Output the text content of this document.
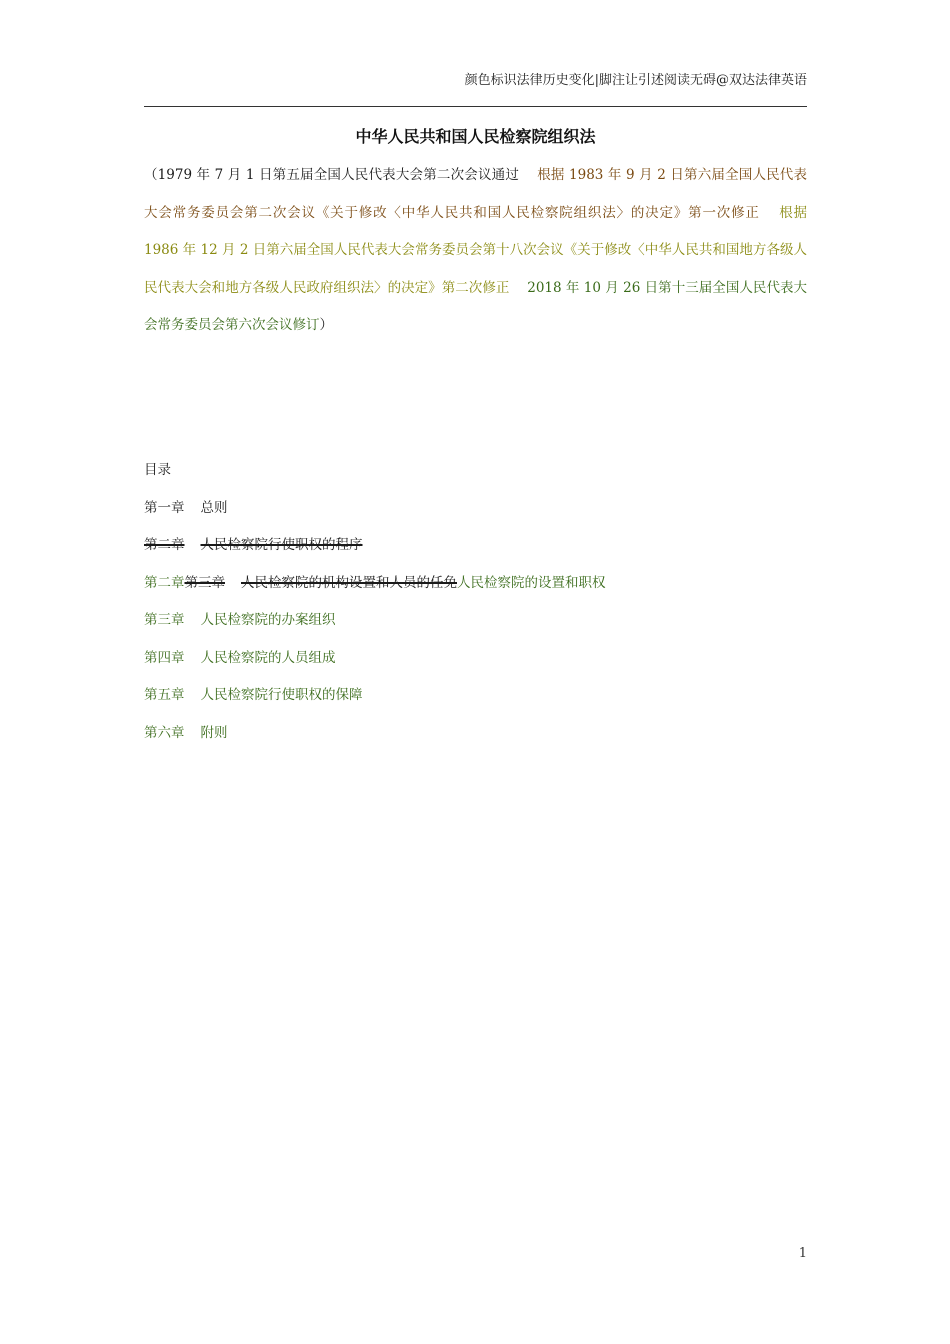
颜色标识法律历史变化|脚注让引述阅读无碍@双达法律英语
中华人民共和国人民检察院组织法
（1979 年 7 月 1 日第五届全国人民代表大会第二次会议通过　 根据 1983 年 9 月 2 日第六届全国人民代表大会常务委员会第二次会议《关于修改〈中华人民共和国人民检察院组织法〉的决定》第一次修正　 根据 1986 年 12 月 2 日第六届全国人民代表大会常务委员会第十八次会议《关于修改〈中华人民共和国地方各级人民代表大会和地方各级人民政府组织法〉的决定》第二次修正　 2018 年 10 月 26 日第十三届全国人民代表大会常务委员会第六次会议修订）
目录
第一章 总则
第二章 人民检察院行使职权的程序
第二章第三章 人民检察院的机构设置和人员的任免人民检察院的设置和职权
第三章 人民检察院的办案组织
第四章 人民检察院的人员组成
第五章 人民检察院行使职权的保障
第六章 附则
1
